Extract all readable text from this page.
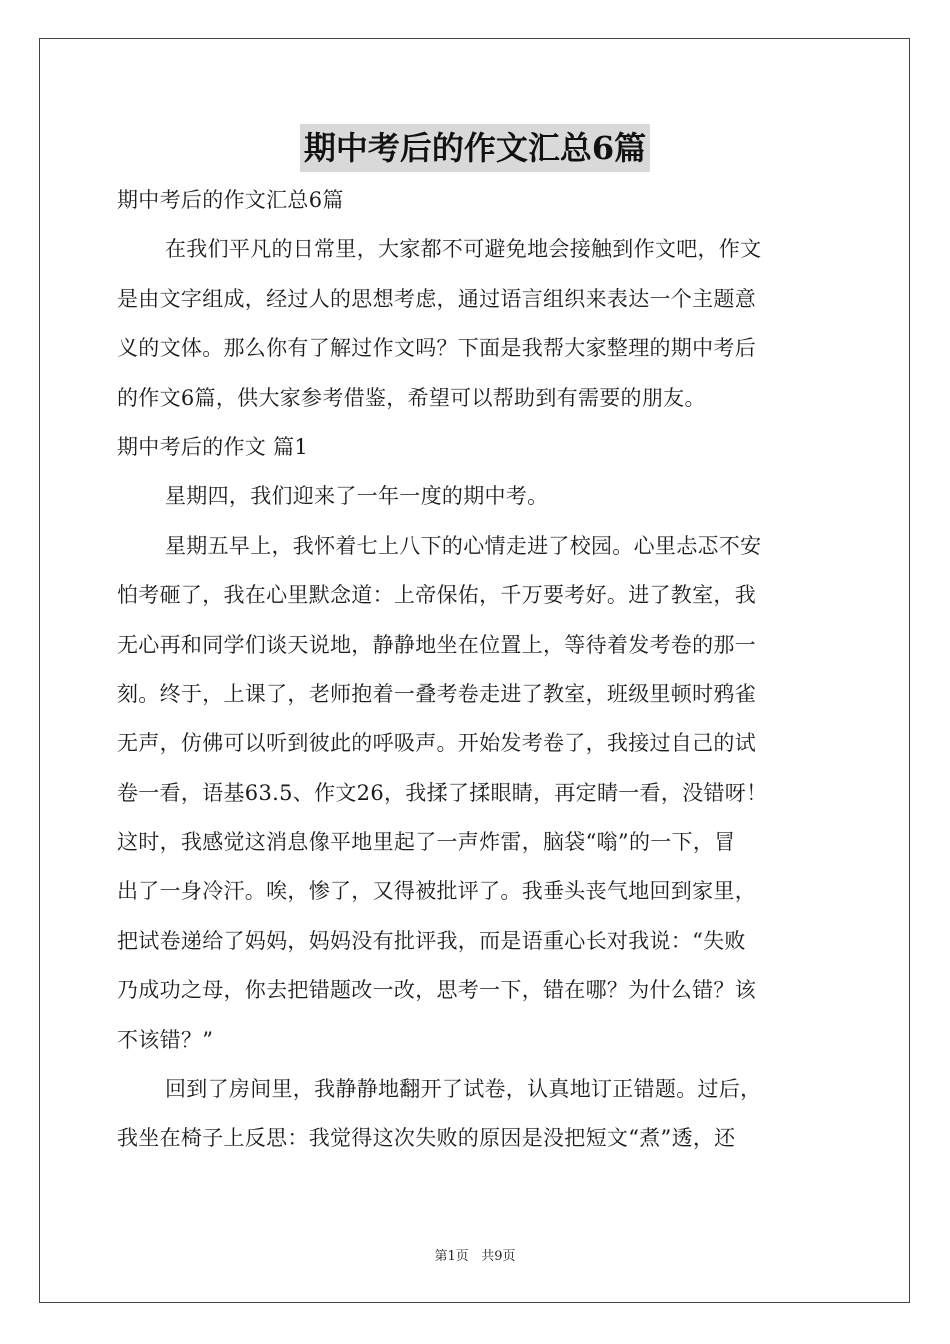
期中考后的作文汇总6篇
期中考后的作文汇总6篇
在我们平凡的日常里，大家都不可避免地会接触到作文吧，作文
是由文字组成，经过人的思想考虑，通过语言组织来表达一个主题意
义的文体。那么你有了解过作文吗？下面是我帮大家整理的期中考后
的作文6篇，供大家参考借鉴，希望可以帮助到有需要的朋友。
期中考后的作文 篇1
星期四，我们迎来了一年一度的期中考。
星期五早上，我怀着七上八下的心情走进了校园。心里忐忑不安
怕考砸了，我在心里默念道：上帝保佑，千万要考好。进了教室，我
无心再和同学们谈天说地，静静地坐在位置上，等待着发考卷的那一
刻。终于，上课了，老师抱着一叠考卷走进了教室，班级里顿时鸦雀
无声，仿佛可以听到彼此的呼吸声。开始发考卷了，我接过自己的试
卷一看，语基63.5、作文26，我揉了揉眼睛，再定睛一看，没错呀！
这时，我感觉这消息像平地里起了一声炸雷，脑袋“嗡”的一下，冒
出了一身冷汗。唉，惨了，又得被批评了。我垂头丧气地回到家里，
把试卷递给了妈妈，妈妈没有批评我，而是语重心长对我说：“失败
乃成功之母，你去把错题改一改，思考一下，错在哪？为什么错？该
不该错？”
回到了房间里，我静静地翻开了试卷，认真地订正错题。过后，
我坐在椅子上反思：我觉得这次失败的原因是没把短文“煮”透，还
第1页 共9页
